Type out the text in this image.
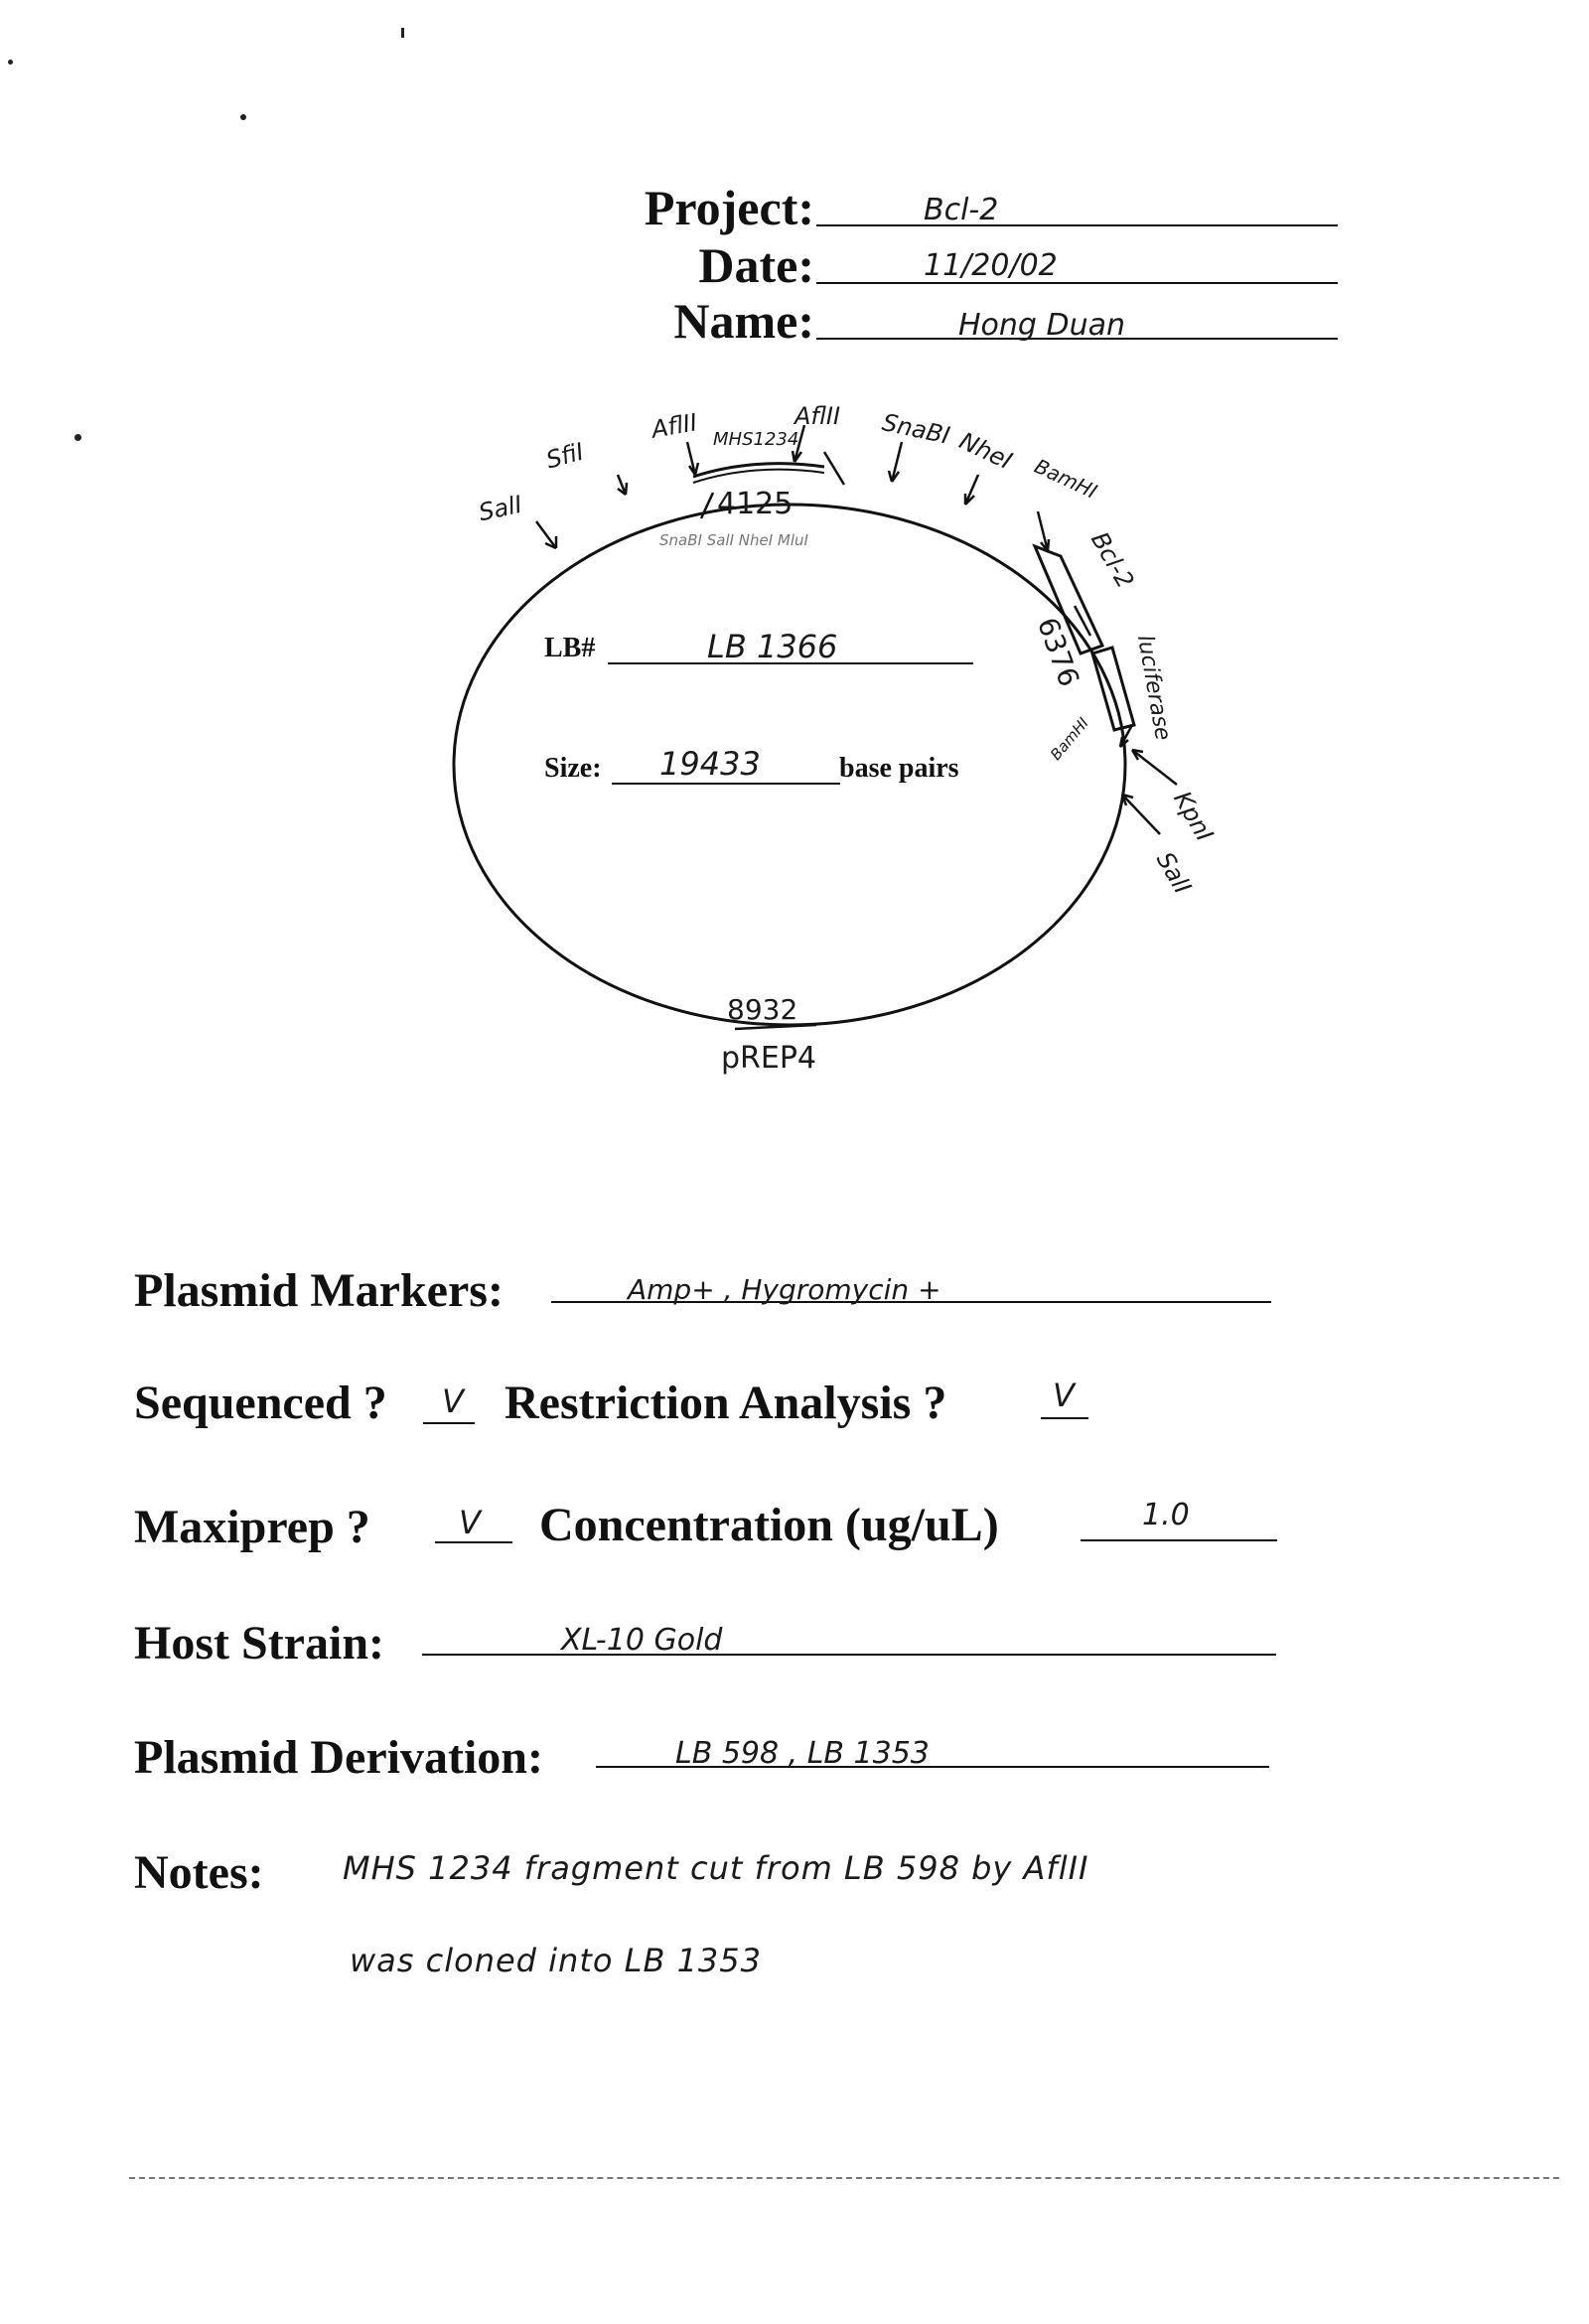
Project:	Bcl-2
Date:	11/20/02
Name:	Hong Duan
SalI
SfiI
AflII MHS1234
AflII SnaBI NheI
BamHI
Bcl-2
luciferase
BamHI
KpnI
SalI
4125
SnaBI SalI NheI MluI
6376
8932
pREP4
LB#	LB 1366
Size: 19433	base pairs
Plasmid Markers:	Amp+ , Hygromycin +
Sequenced ? V Restriction Analysis ?	V
Maxiprep ?	V Concentration (ug/uL)	1.0
Host Strain:	XL-10 Gold
Plasmid Derivation:	LB 598 , LB 1353
Notes: MHS 1234 fragment cut from LB 598 by AflII
was cloned into LB 1353
